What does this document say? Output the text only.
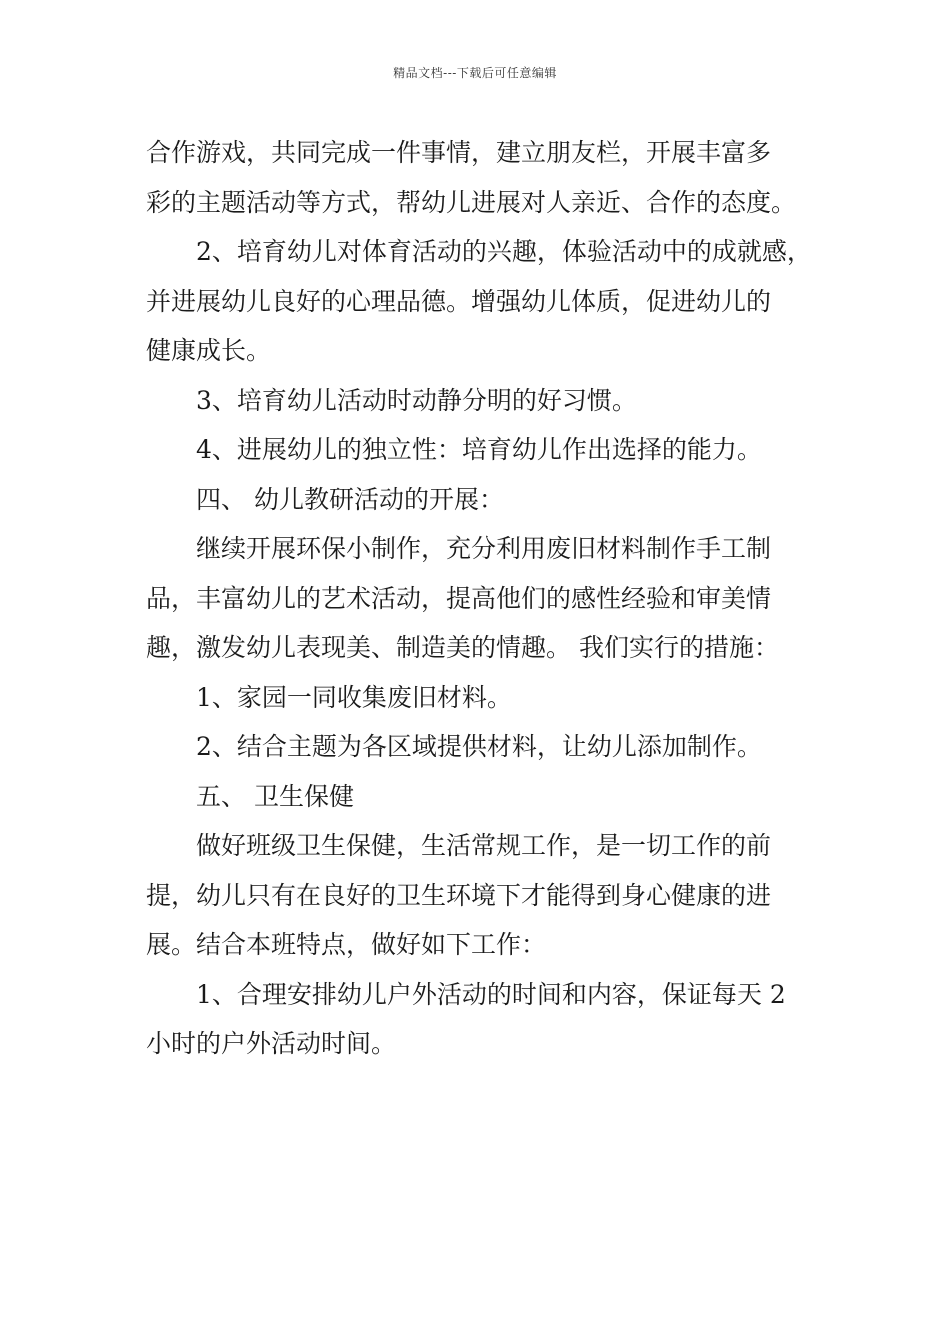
精品文档---下载后可任意编辑
合作游戏，共同完成一件事情，建立朋友栏，开展丰富多
彩的主题活动等方式，帮幼儿进展对人亲近、合作的态度。
2、培育幼儿对体育活动的兴趣，体验活动中的成就感，
并进展幼儿良好的心理品德。增强幼儿体质，促进幼儿的
健康成长。
3、培育幼儿活动时动静分明的好习惯。
4、进展幼儿的独立性：培育幼儿作出选择的能力。
四、 幼儿教研活动的开展：
继续开展环保小制作，充分利用废旧材料制作手工制
品，丰富幼儿的艺术活动，提高他们的感性经验和审美情
趣，激发幼儿表现美、制造美的情趣。 我们实行的措施：
1、家园一同收集废旧材料。
2、结合主题为各区域提供材料，让幼儿添加制作。
五、 卫生保健
做好班级卫生保健，生活常规工作，是一切工作的前
提，幼儿只有在良好的卫生环境下才能得到身心健康的进
展。结合本班特点，做好如下工作：
1、合理安排幼儿户外活动的时间和内容，保证每天 2
小时的户外活动时间。
